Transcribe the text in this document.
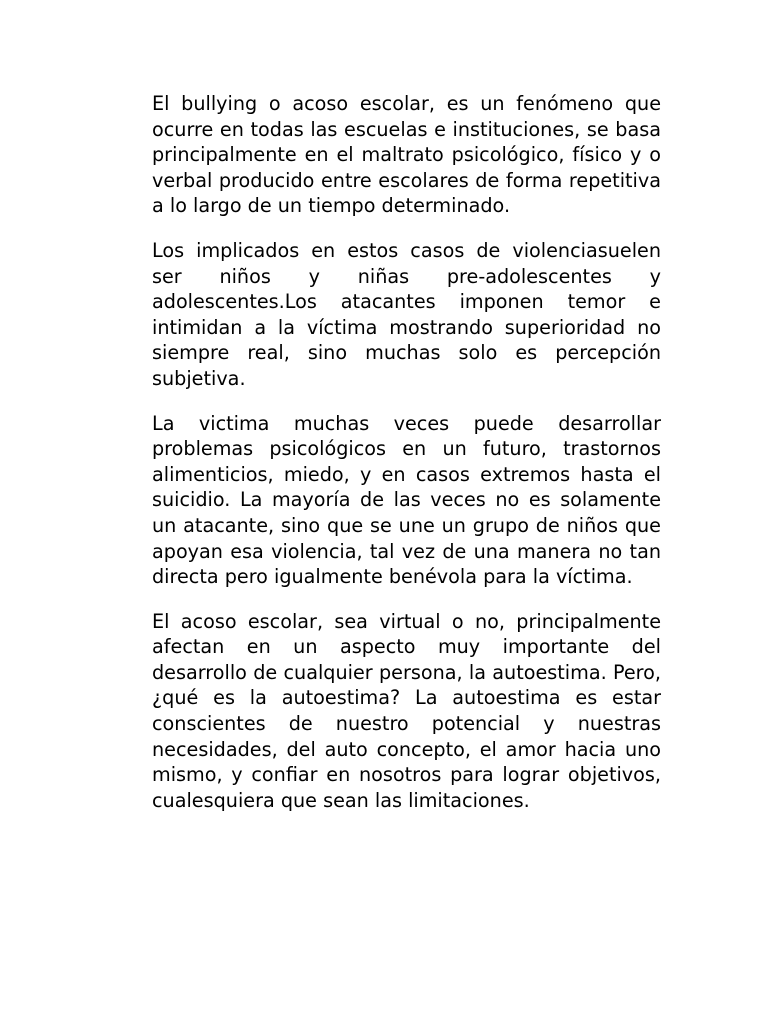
El bullying o acoso escolar, es un fenómeno que ocurre en todas las escuelas e instituciones, se basa principalmente en el maltrato psicológico, físico y o verbal producido entre escolares de forma repetitiva a lo largo de un tiempo determinado.

Los implicados en estos casos de violenciasuelen ser niños y niñas pre-adolescentes y adolescentes.Los atacantes imponen temor e intimidan a la víctima mostrando superioridad no siempre real, sino muchas solo es percepción subjetiva.

La victima muchas veces puede desarrollar problemas psicológicos en un futuro, trastornos alimenticios, miedo, y en casos extremos hasta el suicidio. La mayoría de las veces no es solamente un atacante, sino que se une un grupo de niños que apoyan esa violencia, tal vez de una manera no tan directa pero igualmente benévola para la víctima.

El acoso escolar, sea virtual o no, principalmente afectan en un aspecto muy importante del desarrollo de cualquier persona, la autoestima. Pero, ¿qué es la autoestima? La autoestima es estar conscientes de nuestro potencial y nuestras necesidades, del auto concepto, el amor hacia uno mismo, y confiar en nosotros para lograr objetivos, cualesquiera que sean las limitaciones.
